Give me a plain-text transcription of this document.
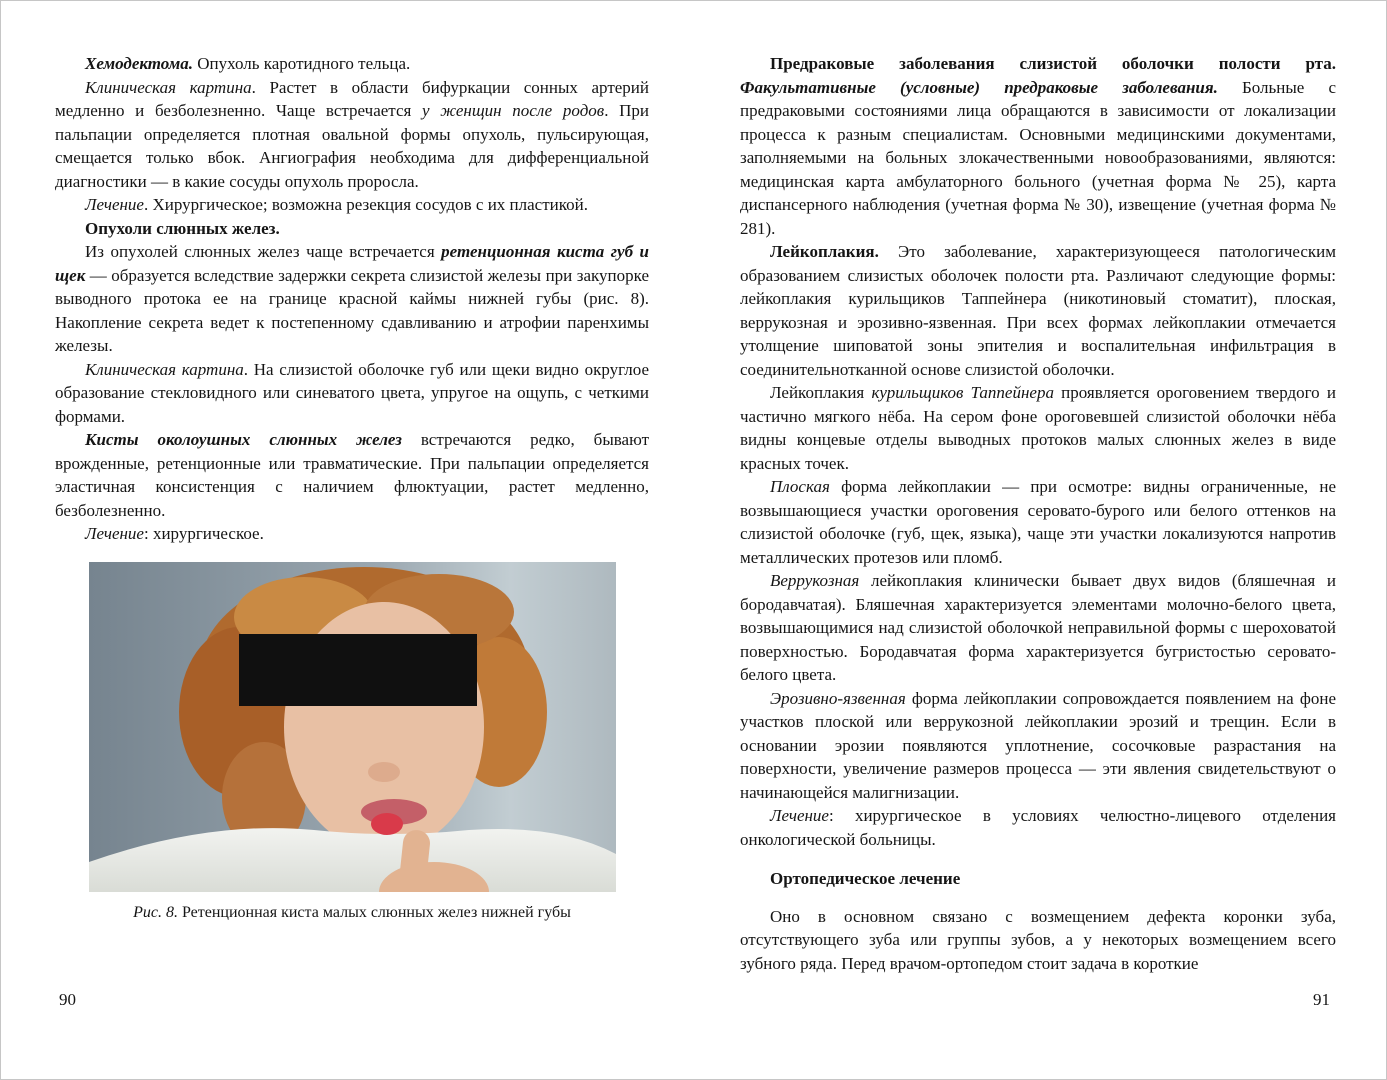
Хемодектома. Опухоль каротидного тельца.

Клиническая картина. Растет в области бифуркации сонных артерий медленно и безболезненно. Чаще встречается у женщин после родов. При пальпации определяется плотная овальной формы опухоль, пульсирующая, смещается только вбок. Ангиография необходима для дифференциальной диагностики — в какие сосуды опухоль проросла.

Лечение. Хирургическое; возможна резекция сосудов с их пластикой.

Опухоли слюнных желез.

Из опухолей слюнных желез чаще встречается ретенционная киста губ и щек — образуется вследствие задержки секрета слизистой железы при закупорке выводного протока ее на границе красной каймы нижней губы (рис. 8). Накопление секрета ведет к постепенному сдавливанию и атрофии паренхимы железы.

Клиническая картина. На слизистой оболочке губ или щеки видно округлое образование стекловидного или синеватого цвета, упругое на ощупь, с четкими формами.

Кисты околоушных слюнных желез встречаются редко, бывают врожденные, ретенционные или травматические. При пальпации определяется эластичная консистенция с наличием флюктуации, растет медленно, безболезненно.

Лечение: хирургическое.

Рис. 8. Ретенционная киста малых слюнных желез нижней губы
90

Предраковые заболевания слизистой оболочки полости рта. Факультативные (условные) предраковые заболевания. Больные с предраковыми состояниями лица обращаются в зависимости от локализации процесса к разным специалистам. Основными медицинскими документами, заполняемыми на больных злокачественными новообразованиями, являются: медицинская карта амбулаторного больного (учетная форма № 25), карта диспансерного наблюдения (учетная форма № 30), извещение (учетная форма № 281).

Лейкоплакия. Это заболевание, характеризующееся патологическим образованием слизистых оболочек полости рта. Различают следующие формы: лейкоплакия курильщиков Таппейнера (никотиновый стоматит), плоская, веррукозная и эрозивно-язвенная. При всех формах лейкоплакии отмечается утолщение шиповатой зоны эпителия и воспалительная инфильтрация в соединительнотканной основе слизистой оболочки.

Лейкоплакия курильщиков Таппейнера проявляется ороговением твердого и частично мягкого нёба. На сером фоне ороговевшей слизистой оболочки нёба видны концевые отделы выводных протоков малых слюнных желез в виде красных точек.

Плоская форма лейкоплакии — при осмотре: видны ограниченные, не возвышающиеся участки ороговения серовато-бурого или белого оттенков на слизистой оболочке (губ, щек, языка), чаще эти участки локализуются напротив металлических протезов или пломб.

Веррукозная лейкоплакия клинически бывает двух видов (бляшечная и бородавчатая). Бляшечная характеризуется элементами молочно-белого цвета, возвышающимися над слизистой оболочкой неправильной формы с шероховатой поверхностью. Бородавчатая форма характеризуется бугристостью серовато-белого цвета.

Эрозивно-язвенная форма лейкоплакии сопровождается появлением на фоне участков плоской или веррукозной лейкоплакии эрозий и трещин. Если в основании эрозии появляются уплотнение, сосочковые разрастания на поверхности, увеличение размеров процесса — эти явления свидетельствуют о начинающейся малигнизации.

Лечение: хирургическое в условиях челюстно-лицевого отделения онкологической больницы.

Ортопедическое лечение

Оно в основном связано с возмещением дефекта коронки зуба, отсутствующего зуба или группы зубов, а у некоторых возмещением всего зубного ряда. Перед врачом-ортопедом стоит задача в короткие

91
